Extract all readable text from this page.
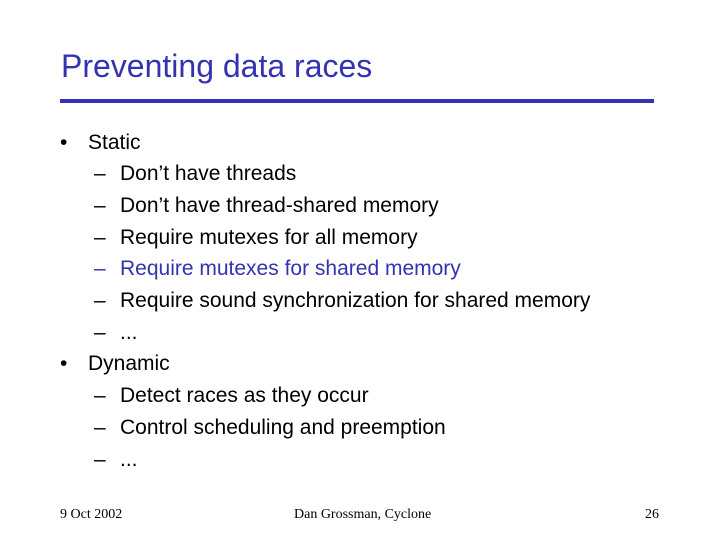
Preventing data races
• Static
– Don’t have threads
– Don’t have thread-shared memory
– Require mutexes for all memory
– Require mutexes for shared memory
– Require sound synchronization for shared memory
– ...
• Dynamic
– Detect races as they occur
– Control scheduling and preemption
– ...
9 Oct 2002	Dan Grossman, Cyclone	26
